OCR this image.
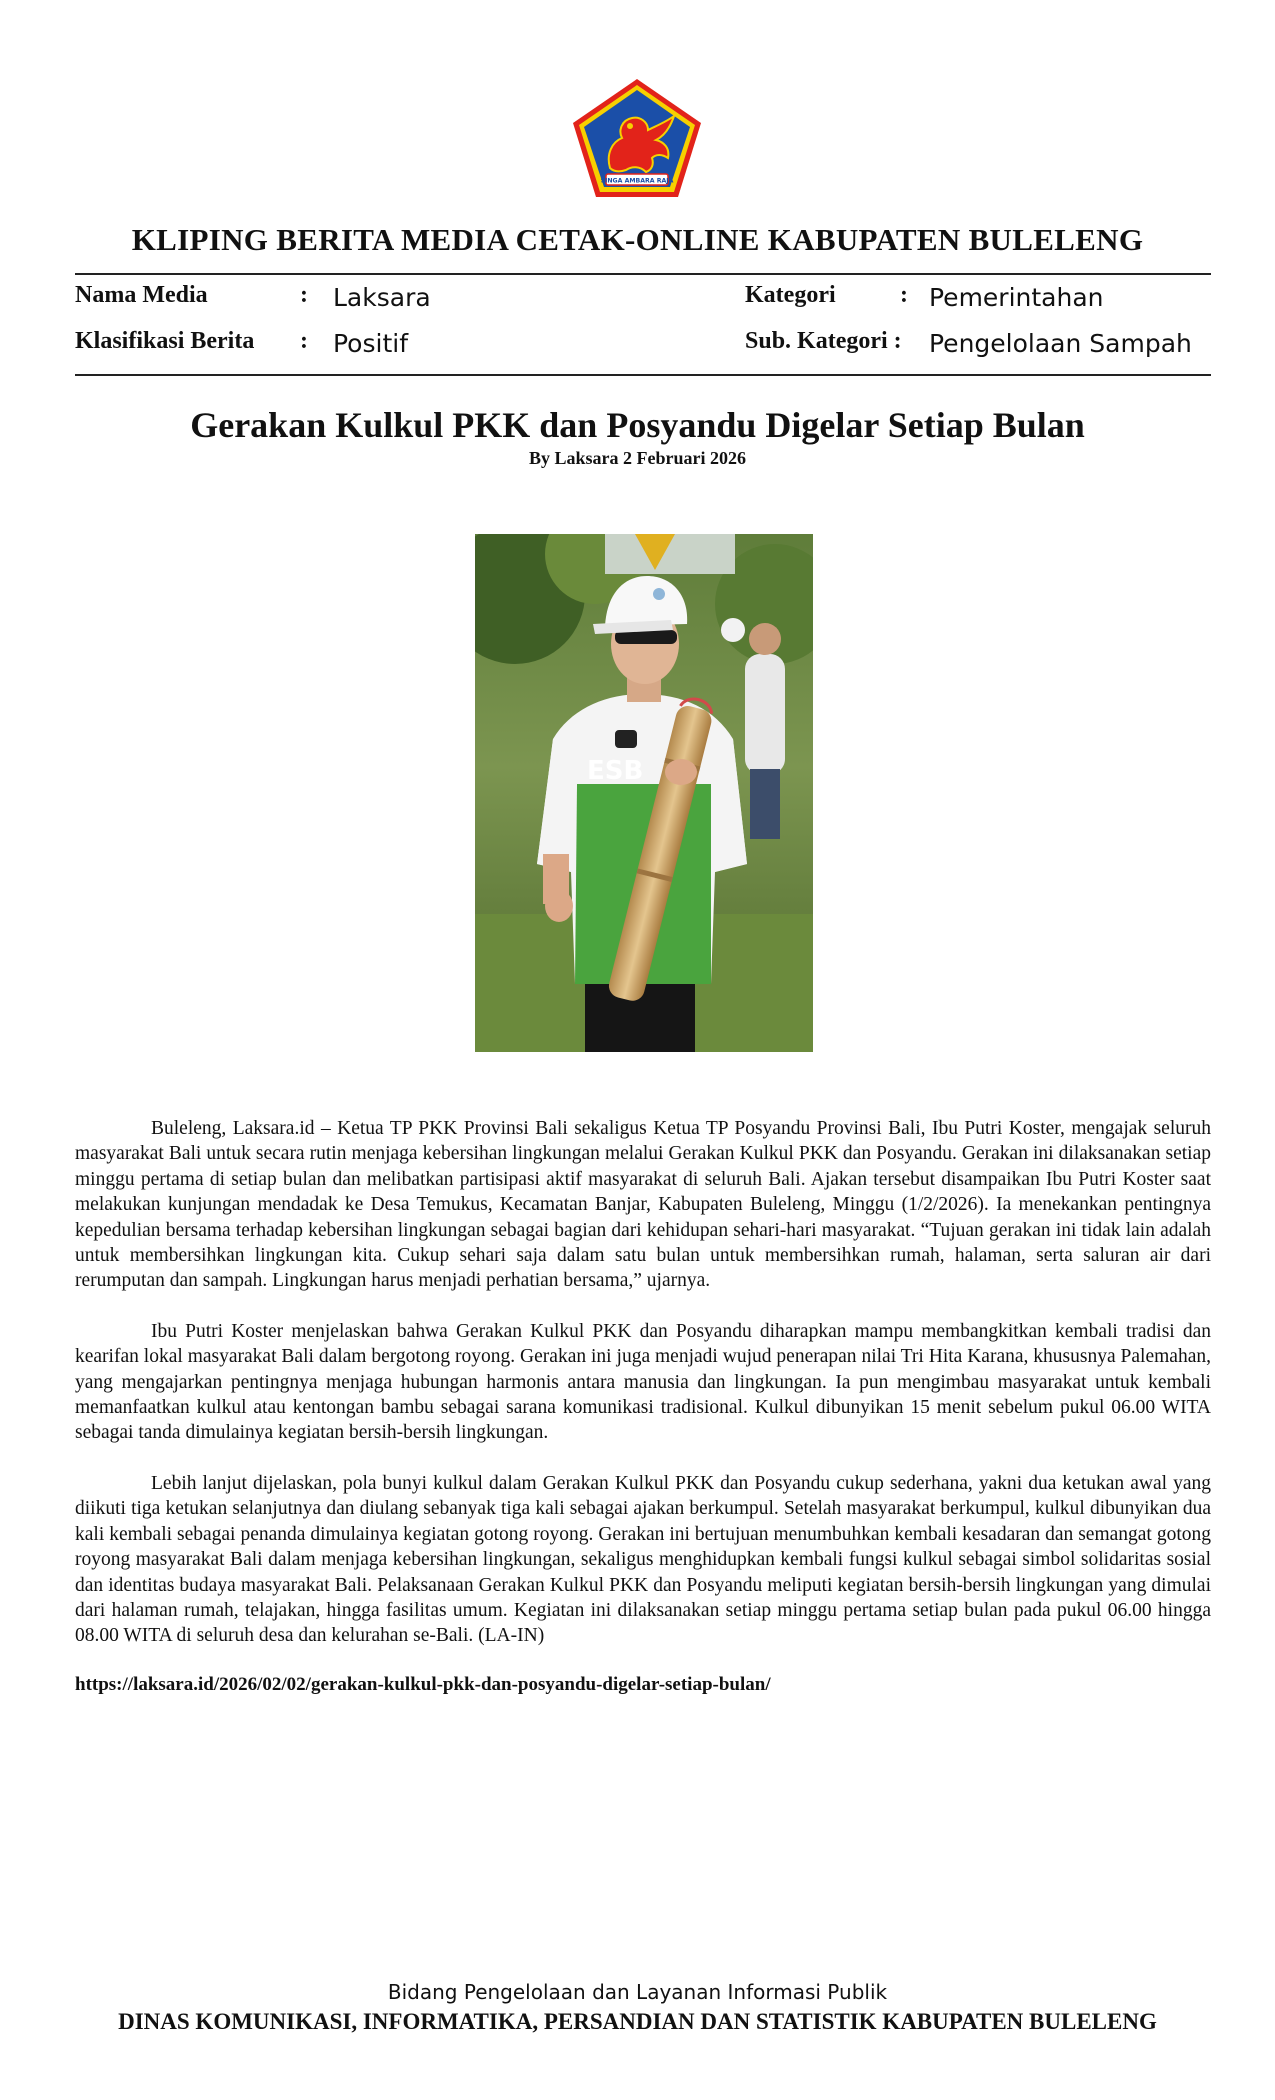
SINGA AMBARA RAJA
KLIPING BERITA MEDIA CETAK-ONLINE KABUPATEN BULELENG
Nama Media	: Laksara
Klasifikasi Berita : Positif
Kategori	: Pemerintahan
Sub. Kategori : Pengelolaan Sampah
Gerakan Kulkul PKK dan Posyandu Digelar Setiap Bulan
By Laksara 2 Februari 2026
ESB

Buleleng, Laksara.id – Ketua TP PKK Provinsi Bali sekaligus Ketua TP Posyandu Provinsi Bali, Ibu Putri Koster, mengajak seluruh masyarakat Bali untuk secara rutin menjaga kebersihan lingkungan melalui Gerakan Kulkul PKK dan Posyandu. Gerakan ini dilaksanakan setiap minggu pertama di setiap bulan dan melibatkan partisipasi aktif masyarakat di seluruh Bali. Ajakan tersebut disampaikan Ibu Putri Koster saat melakukan kunjungan mendadak ke Desa Temukus, Kecamatan Banjar, Kabupaten Buleleng, Minggu (1/2/2026). Ia menekankan pentingnya kepedulian bersama terhadap kebersihan lingkungan sebagai bagian dari kehidupan sehari-hari masyarakat. “Tujuan gerakan ini tidak lain adalah untuk membersihkan lingkungan kita. Cukup sehari saja dalam satu bulan untuk membersihkan rumah, halaman, serta saluran air dari rerumputan dan sampah. Lingkungan harus menjadi perhatian bersama,” ujarnya.

Ibu Putri Koster menjelaskan bahwa Gerakan Kulkul PKK dan Posyandu diharapkan mampu membangkitkan kembali tradisi dan kearifan lokal masyarakat Bali dalam bergotong royong. Gerakan ini juga menjadi wujud penerapan nilai Tri Hita Karana, khususnya Palemahan, yang mengajarkan pentingnya menjaga hubungan harmonis antara manusia dan lingkungan. Ia pun mengimbau masyarakat untuk kembali memanfaatkan kulkul atau kentongan bambu sebagai sarana komunikasi tradisional. Kulkul dibunyikan 15 menit sebelum pukul 06.00 WITA sebagai tanda dimulainya kegiatan bersih-bersih lingkungan.

Lebih lanjut dijelaskan, pola bunyi kulkul dalam Gerakan Kulkul PKK dan Posyandu cukup sederhana, yakni dua ketukan awal yang diikuti tiga ketukan selanjutnya dan diulang sebanyak tiga kali sebagai ajakan berkumpul. Setelah masyarakat berkumpul, kulkul dibunyikan dua kali kembali sebagai penanda dimulainya kegiatan gotong royong. Gerakan ini bertujuan menumbuhkan kembali kesadaran dan semangat gotong royong masyarakat Bali dalam menjaga kebersihan lingkungan, sekaligus menghidupkan kembali fungsi kulkul sebagai simbol solidaritas sosial dan identitas budaya masyarakat Bali. Pelaksanaan Gerakan Kulkul PKK dan Posyandu meliputi kegiatan bersih-bersih lingkungan yang dimulai dari halaman rumah, telajakan, hingga fasilitas umum. Kegiatan ini dilaksanakan setiap minggu pertama setiap bulan pada pukul 06.00 hingga 08.00 WITA di seluruh desa dan kelurahan se-Bali. (LA-IN)

https://laksara.id/2026/02/02/gerakan-kulkul-pkk-dan-posyandu-digelar-setiap-bulan/
Bidang Pengelolaan dan Layanan Informasi Publik
DINAS KOMUNIKASI, INFORMATIKA, PERSANDIAN DAN STATISTIK KABUPATEN BULELENG
